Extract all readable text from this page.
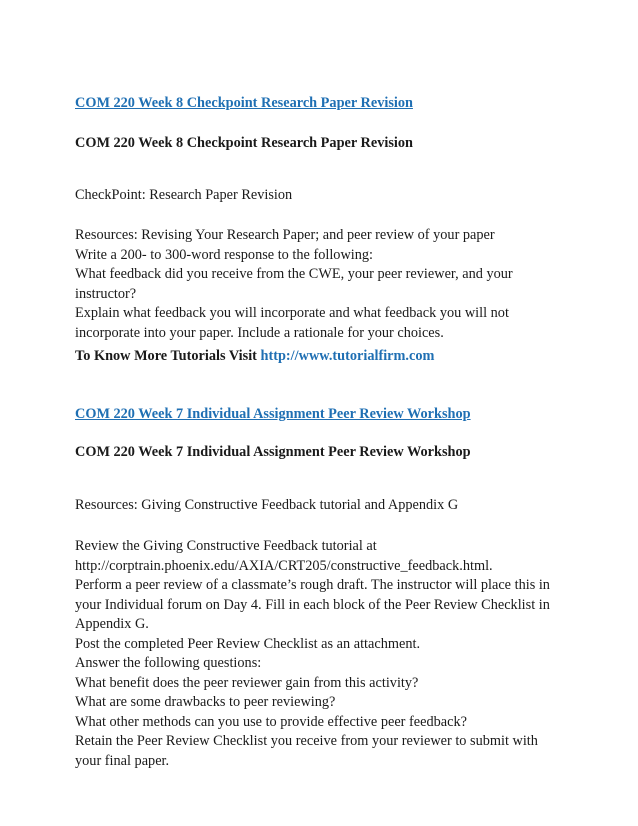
COM 220 Week 8 Checkpoint Research Paper Revision
COM 220 Week 8 Checkpoint Research Paper Revision
CheckPoint: Research Paper Revision
Resources: Revising Your Research Paper; and peer review of your paper
Write a 200- to 300-word response to the following:
What feedback did you receive from the CWE, your peer reviewer, and your
instructor?
Explain what feedback you will incorporate and what feedback you will not
incorporate into your paper. Include a rationale for your choices.
To Know More Tutorials Visit http://www.tutorialfirm.com
COM 220 Week 7 Individual Assignment Peer Review Workshop
COM 220 Week 7 Individual Assignment Peer Review Workshop
Resources: Giving Constructive Feedback tutorial and Appendix G
Review the Giving Constructive Feedback tutorial at
http://corptrain.phoenix.edu/AXIA/CRT205/constructive_feedback.html.
Perform a peer review of a classmate’s rough draft. The instructor will place this in
your Individual forum on Day 4. Fill in each block of the Peer Review Checklist in
Appendix G.
Post the completed Peer Review Checklist as an attachment.
Answer the following questions:
What benefit does the peer reviewer gain from this activity?
What are some drawbacks to peer reviewing?
What other methods can you use to provide effective peer feedback?
Retain the Peer Review Checklist you receive from your reviewer to submit with
your final paper.
